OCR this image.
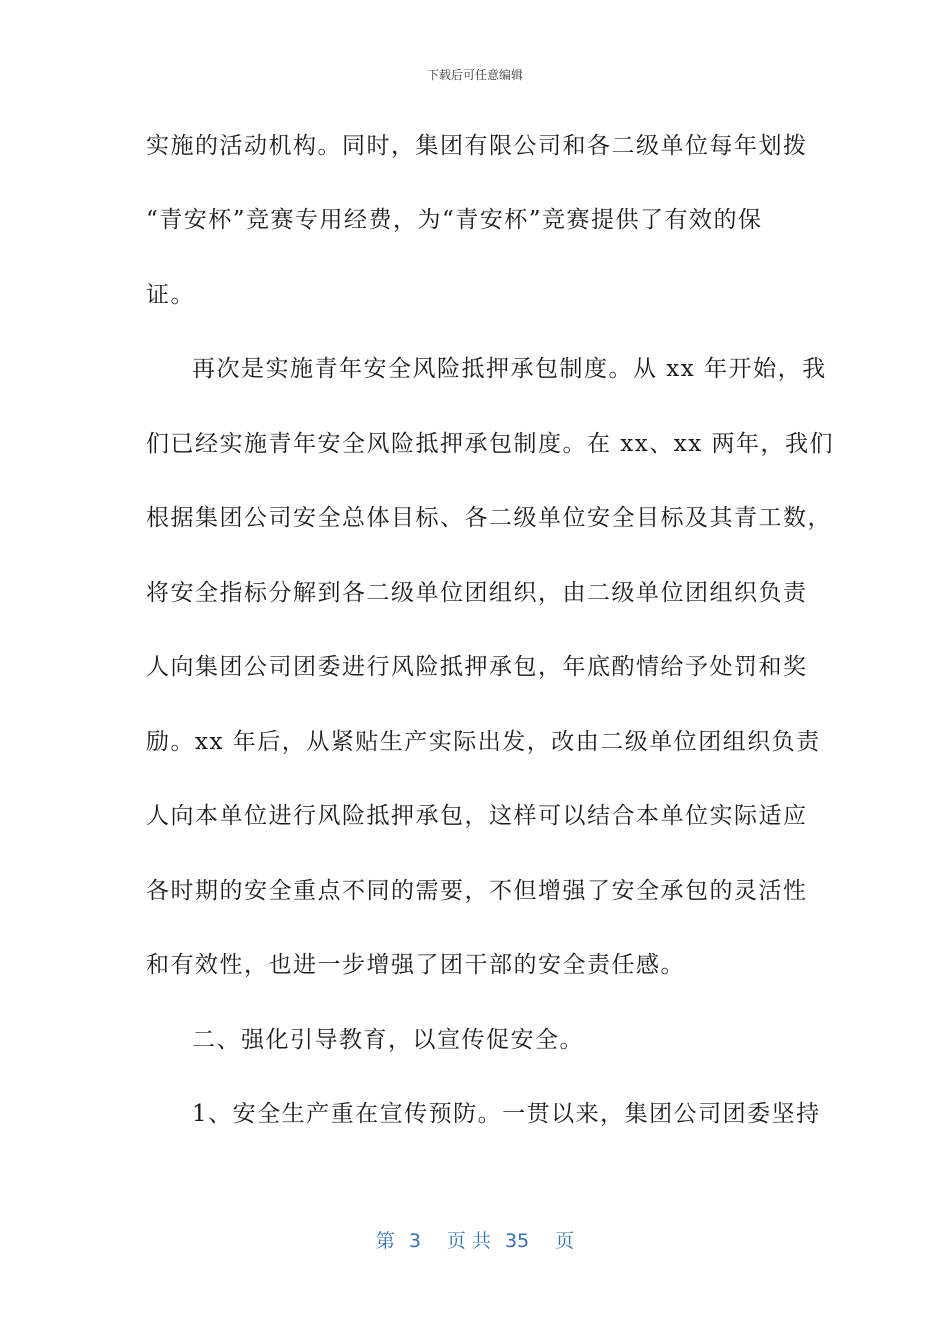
下载后可任意编辑
实施的活动机构。同时，集团有限公司和各二级单位每年划拨
“青安杯”竞赛专用经费，为“青安杯”竞赛提供了有效的保
证。
再次是实施青年安全风险抵押承包制度。从 xx 年开始，我
们已经实施青年安全风险抵押承包制度。在 xx、xx 两年，我们
根据集团公司安全总体目标、各二级单位安全目标及其青工数，
将安全指标分解到各二级单位团组织，由二级单位团组织负责
人向集团公司团委进行风险抵押承包，年底酌情给予处罚和奖
励。xx 年后，从紧贴生产实际出发，改由二级单位团组织负责
人向本单位进行风险抵押承包，这样可以结合本单位实际适应
各时期的安全重点不同的需要，不但增强了安全承包的灵活性
和有效性，也进一步增强了团干部的安全责任感。
二、强化引导教育，以宣传促安全。
1、安全生产重在宣传预防。一贯以来，集团公司团委坚持
第 3 页 共 35 页
